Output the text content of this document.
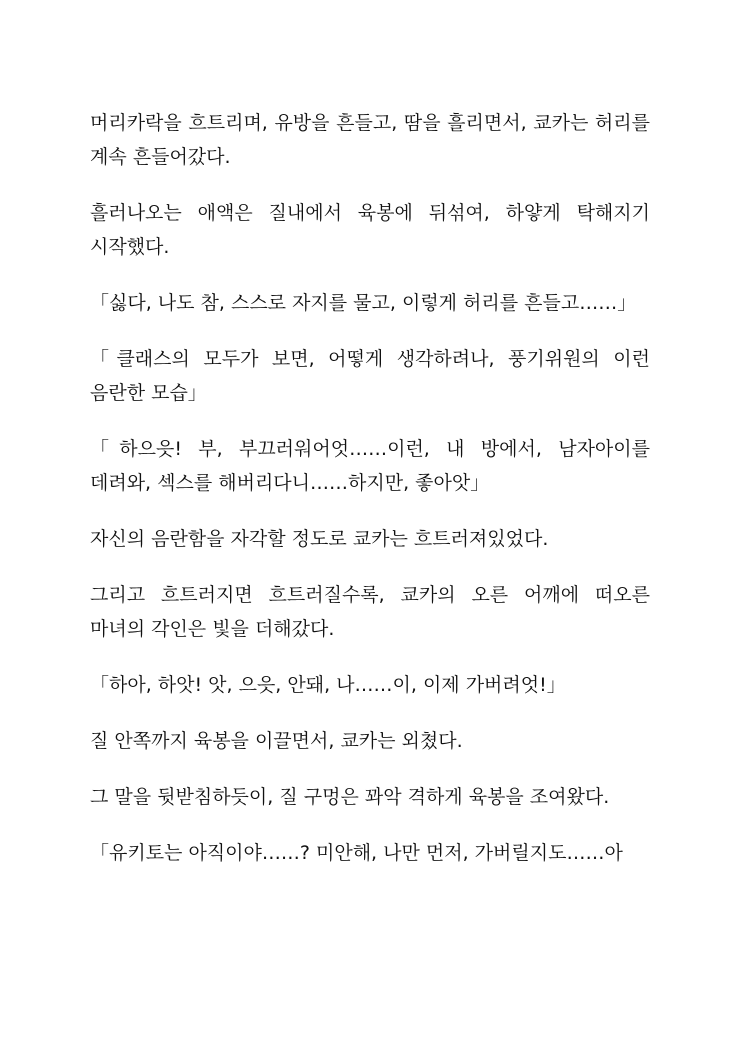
머리카락을 흐트리며, 유방을 흔들고, 땀을 흘리면서, 쿄카는 허리를 계속 흔들어갔다.

흘러나오는 애액은 질내에서 육봉에 뒤섞여, 하얗게 탁해지기 시작했다.

「싫다, 나도 참, 스스로 자지를 물고, 이렇게 허리를 흔들고……」

「클래스의 모두가 보면, 어떻게 생각하려나, 풍기위원의 이런 음란한 모습」

「하으읏! 부, 부끄러워어엇……이런, 내 방에서, 남자아이를 데려와, 섹스를 해버리다니……하지만, 좋아앗」

자신의 음란함을 자각할 정도로 쿄카는 흐트러져있었다.

그리고 흐트러지면 흐트러질수록, 쿄카의 오른 어깨에 떠오른 마녀의 각인은 빛을 더해갔다.

「하아, 하앗! 앗, 으읏, 안돼, 나……이, 이제 가버려엇!」

질 안쪽까지 육봉을 이끌면서, 쿄카는 외쳤다.

그 말을 뒷받침하듯이, 질 구멍은 꽈악 격하게 육봉을 조여왔다.

「유키토는 아직이야……? 미안해, 나만 먼저, 가버릴지도……아
